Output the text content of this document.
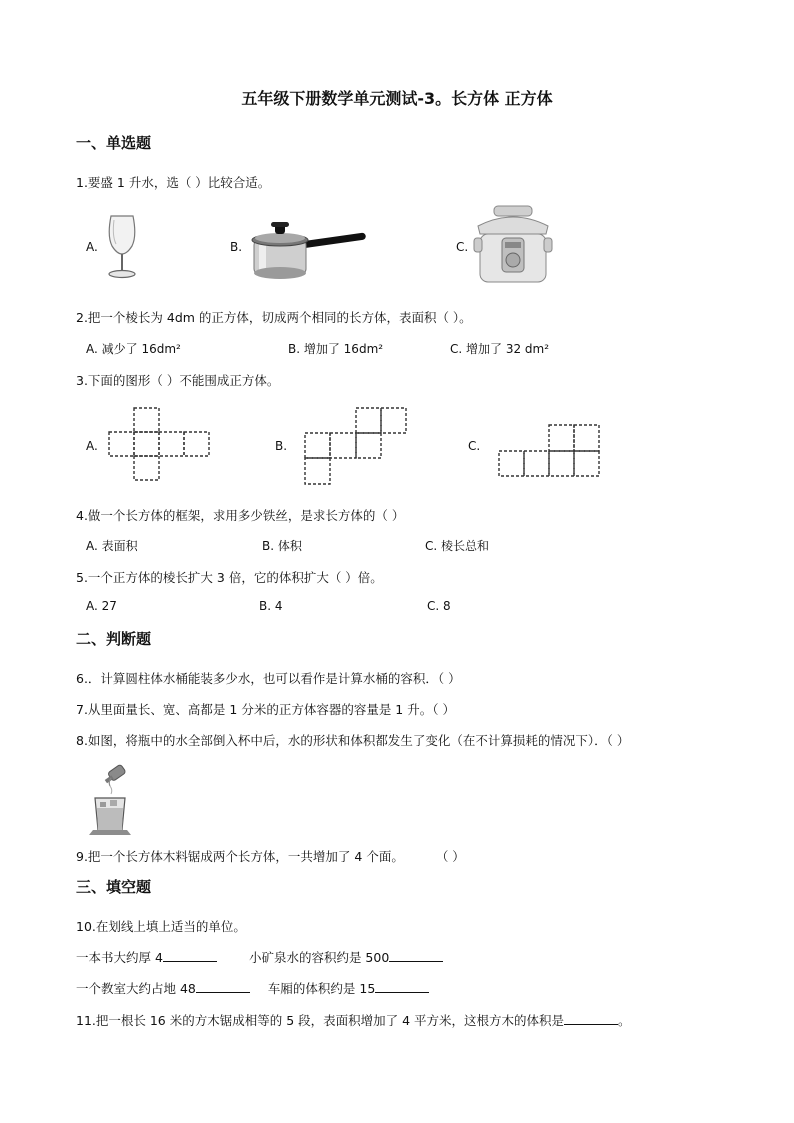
五年级下册数学单元测试-3。长方体 正方体
一、单选题
1.要盛 1 升水，选（ ）比较合适。
A.	B.	C.
2.把一个棱长为 4dm 的正方体，切成两个相同的长方体，表面积（ ）。
A. 减少了 16dm²	B. 增加了 16dm²	C. 增加了 32 dm²
3.下面的图形（ ）不能围成正方体。
A.	B.	C.
4.做一个长方体的框架，求用多少铁丝，是求长方体的（ ）
A. 表面积	B. 体积	C. 棱长总和
5.一个正方体的棱长扩大 3 倍，它的体积扩大（ ）倍。
A. 27	B. 4	C. 8
二、判断题
6.．计算圆柱体水桶能装多少水，也可以看作是计算水桶的容积．（ ）
7.从里面量长、宽、高都是 1 分米的正方体容器的容量是 1 升。（ ）
8.如图，将瓶中的水全部倒入杯中后，水的形状和体积都发生了变化（在不计算损耗的情况下）．（ ）
9.把一个长方体木料锯成两个长方体，一共增加了 4 个面。	（ ）
三、填空题
10.在划线上填上适当的单位。
一本书大约厚 4	小矿泉水的容积约是 500
一个教室大约占地 48	车厢的体积约是 15
11.把一根长 16 米的方木锯成相等的 5 段，表面积增加了 4 平方米，这根方木的体积是	。
